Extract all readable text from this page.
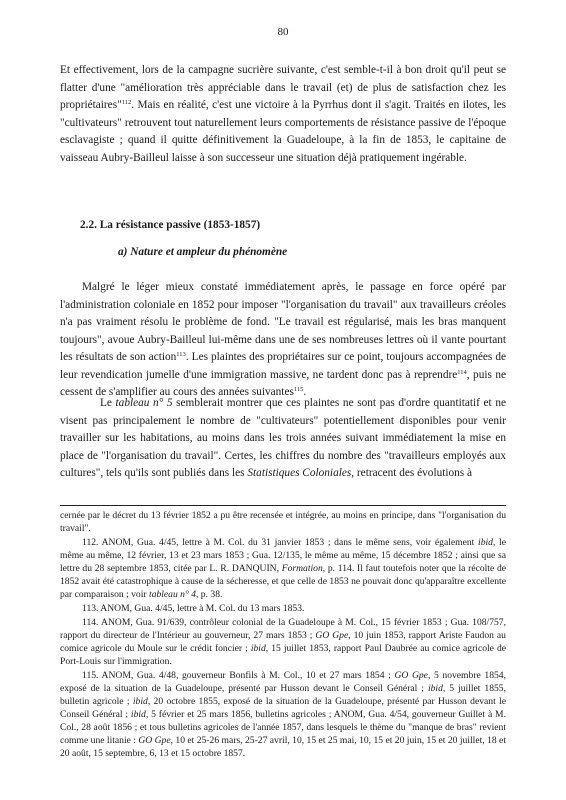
80

Et effectivement, lors de la campagne sucrière suivante, c'est semble-t-il à bon droit qu'il peut se flatter d'une "amélioration très appréciable dans le travail (et) de plus de satisfaction chez les propriétaires"$^{112}$. Mais en réalité, c'est une victoire à la Pyrrhus dont il s'agit. Traités en ilotes, les "cultivateurs" retrouvent tout naturellement leurs comportements de résistance passive de l'époque esclavagiste ; quand il quitte définitivement la Guadeloupe, à la fin de 1853, le capitaine de vaisseau Aubry-Bailleul laisse à son successeur une situation déjà pratiquement ingérable.

2.2. La résistance passive (1853-1857)
a) Nature et ampleur du phénomène

Malgré le léger mieux constaté immédiatement après, le passage en force opéré par l'administration coloniale en 1852 pour imposer "l'organisation du travail" aux travailleurs créoles n'a pas vraiment résolu le problème de fond. "Le travail est régularisé, mais les bras manquent toujours", avoue Aubry-Bailleul lui-même dans une de ses nombreuses lettres où il vante pourtant les résultats de son action$^{113}$. Les plaintes des propriétaires sur ce point, toujours accompagnées de leur revendication jumelle d'une immigration massive, ne tardent donc pas à reprendre$^{114}$, puis ne cessent de s'amplifier au cours des années suivantes$^{115}$.

Le tableau n° 5 semblerait montrer que ces plaintes ne sont pas d'ordre quantitatif et ne visent pas principalement le nombre de "cultivateurs" potentiellement disponibles pour venir travailler sur les habitations, au moins dans les trois années suivant immédiatement la mise en place de "l'organisation du travail". Certes, les chiffres du nombre des "travailleurs employés aux cultures", tels qu'ils sont publiés dans les Statistiques Coloniales, retracent des évolutions à

cernée par le décret du 13 février 1852 a pu être recensée et intégrée, au moins en principe, dans "l'organisation du travail".

112. ANOM, Gua. 4/45, lettre à M. Col. du 31 janvier 1853 ; dans le même sens, voir également ibid, le même au même, 12 février, 13 et 23 mars 1853 ; Gua. 12/135, le même au même, 15 décembre 1852 ; ainsi que sa lettre du 28 septembre 1853, citée par L. R. DANQUIN, Formation, p. 114. Il faut toutefois noter que la récolte de 1852 avait été catastrophique à cause de la sécheresse, et que celle de 1853 ne pouvait donc qu'apparaître excellente par comparaison ; voir tableau n° 4, p. 38.

113. ANOM, Gua. 4/45, lettre à M. Col. du 13 mars 1853.

114. ANOM, Gua. 91/639, contrôleur colonial de la Guadeloupe à M. Col., 15 février 1853 ; Gua. 108/757, rapport du directeur de l'Intérieur au gouverneur, 27 mars 1853 ; GO Gpe, 10 juin 1853, rapport Ariste Faudon au comice agricole du Moule sur le crédit foncier ; ibid, 15 juillet 1853, rapport Paul Daubrée au comice agricole de Port-Louis sur l'immigration.

115. ANOM, Gua. 4/48, gouverneur Bonfils à M. Col., 10 et 27 mars 1854 ; GO Gpe, 5 novembre 1854, exposé de la situation de la Guadeloupe, présenté par Husson devant le Conseil Général ; ibid, 5 juillet 1855, bulletin agricole ; ibid, 20 octobre 1855, exposé de la situation de la Guadeloupe, présenté par Husson devant le Conseil Général ; ibid, 5 février et 25 mars 1856, bulletins agricoles ; ANOM, Gua. 4/54, gouverneur Guillet à M. Col., 28 août 1856 ; et tous bulletins agricoles de l'année 1857, dans lesquels le thème du "manque de bras" revient comme une litanie : GO Gpe, 10 et 25-26 mars, 25-27 avril, 10, 15 et 25 mai, 10, 15 et 20 juin, 15 et 20 juillet, 18 et 20 août, 15 septembre, 6, 13 et 15 octobre 1857.
